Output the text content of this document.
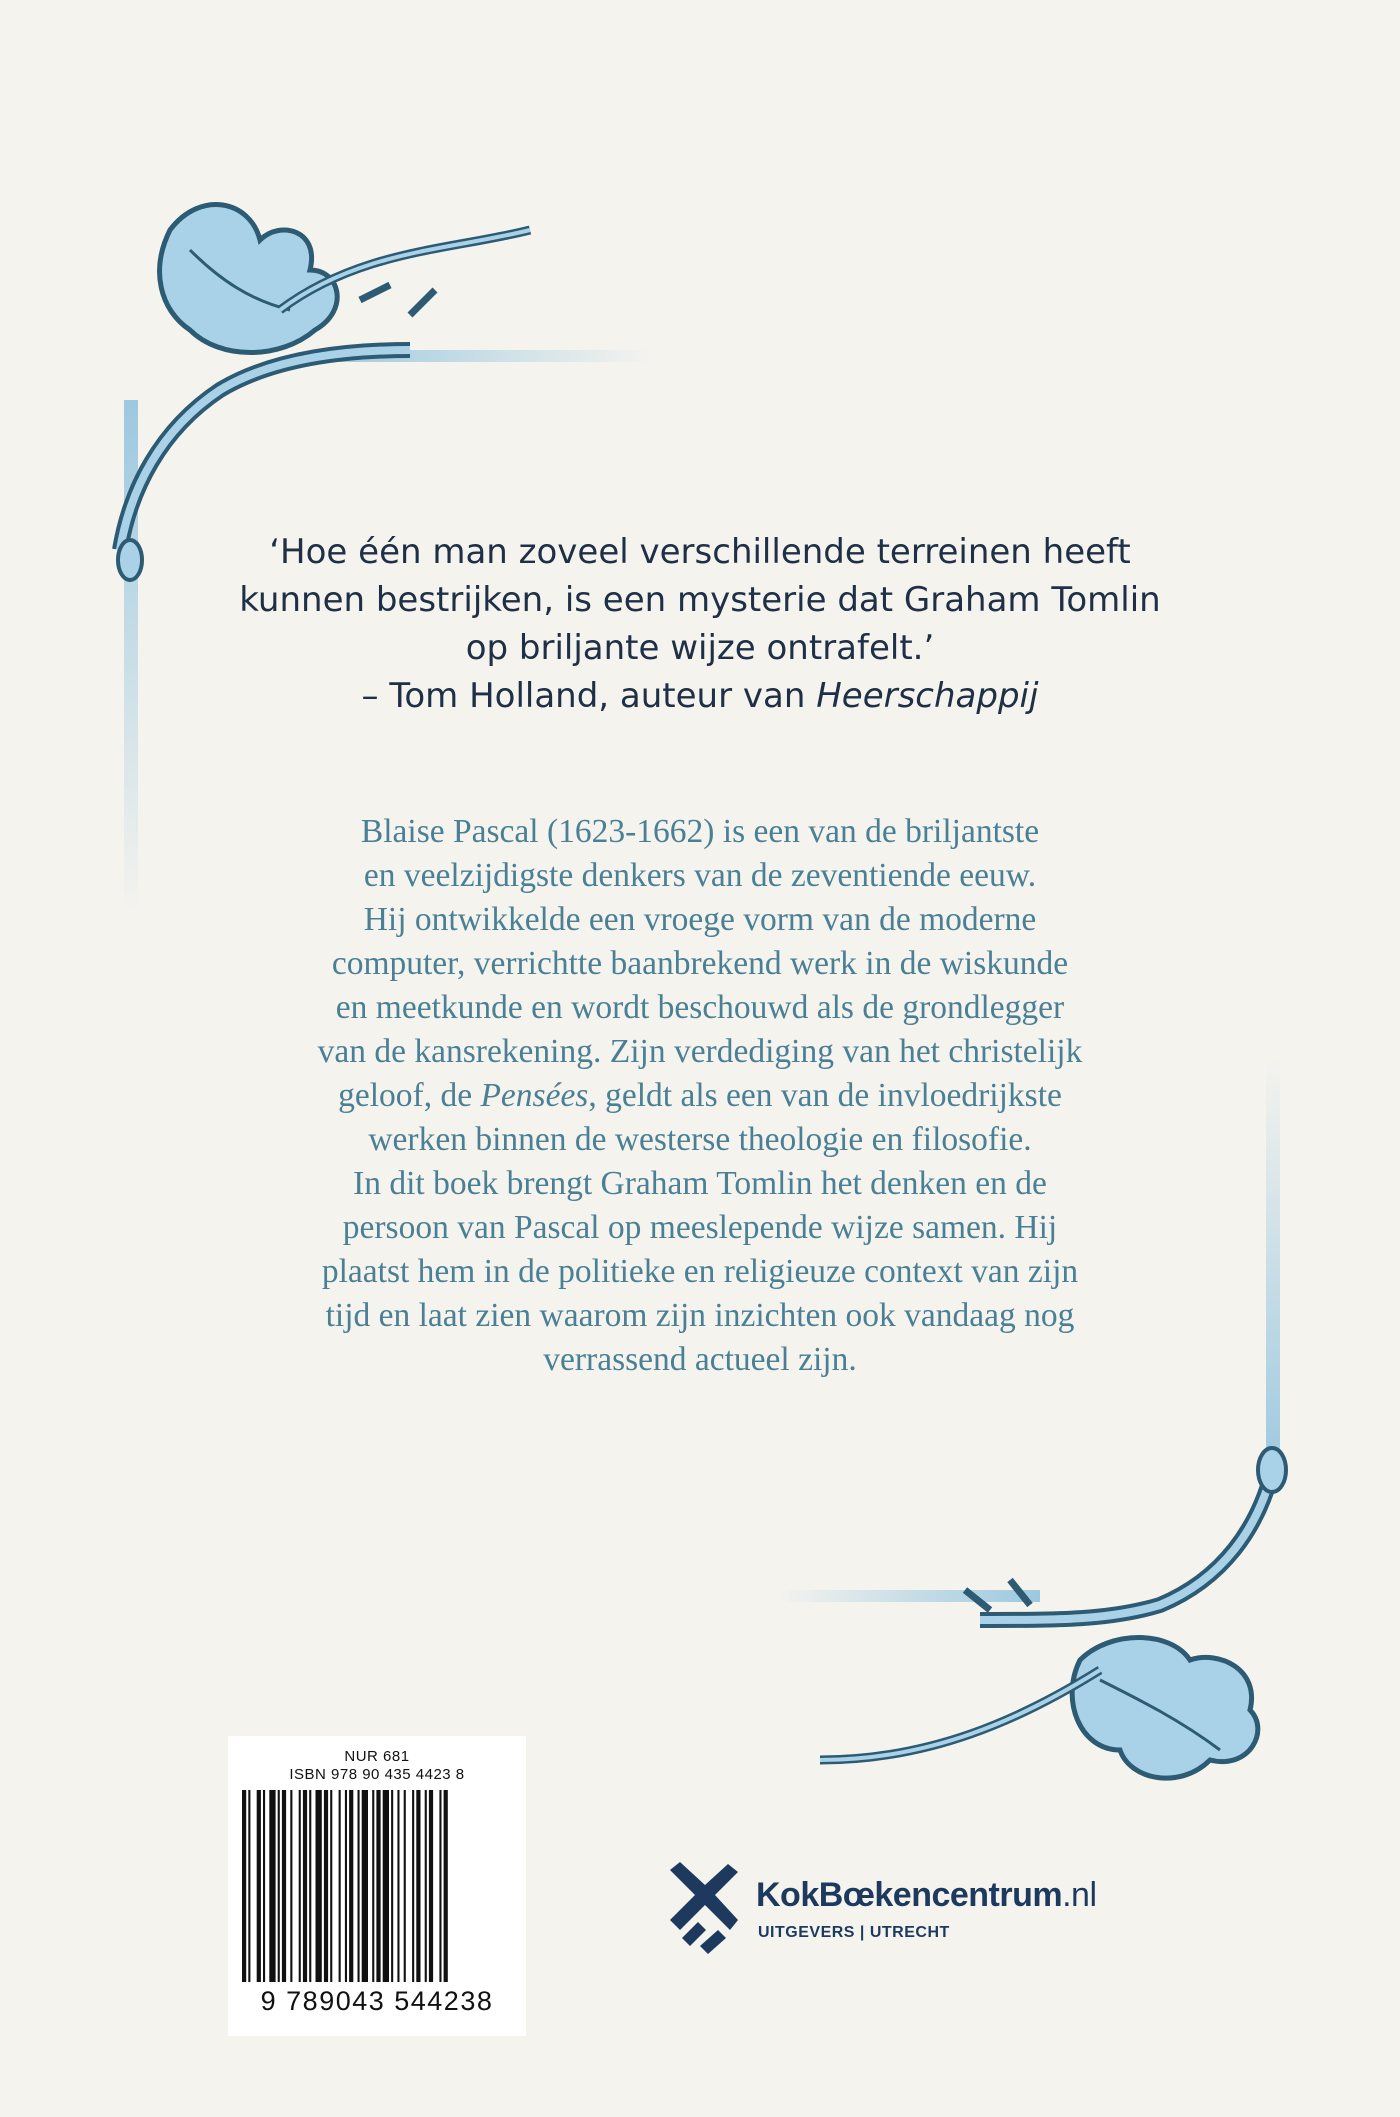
‘Hoe één man zoveel verschillende terreinen heeft
kunnen bestrijken, is een mysterie dat Graham Tomlin
op briljante wijze ontrafelt.’
– Tom Holland, auteur van Heerschappij
Blaise Pascal (1623-1662) is een van de briljantste
en veelzijdigste denkers van de zeventiende eeuw.
Hij ontwikkelde een vroege vorm van de moderne
computer, verrichtte baanbrekend werk in de wiskunde
en meetkunde en wordt beschouwd als de grondlegger
van de kansrekening. Zijn verdediging van het christelijk
geloof, de Pensées, geldt als een van de invloedrijkste
werken binnen de westerse theologie en filosofie.
In dit boek brengt Graham Tomlin het denken en de
persoon van Pascal op meeslepende wijze samen. Hij
plaatst hem in de politieke en religieuze context van zijn
tijd en laat zien waarom zijn inzichten ook vandaag nog
verrassend actueel zijn.
NUR 681
ISBN 978 90 435 4423 8
9 789043 544238
KokBœkencentrum.nl
UITGEVERS | UTRECHT
